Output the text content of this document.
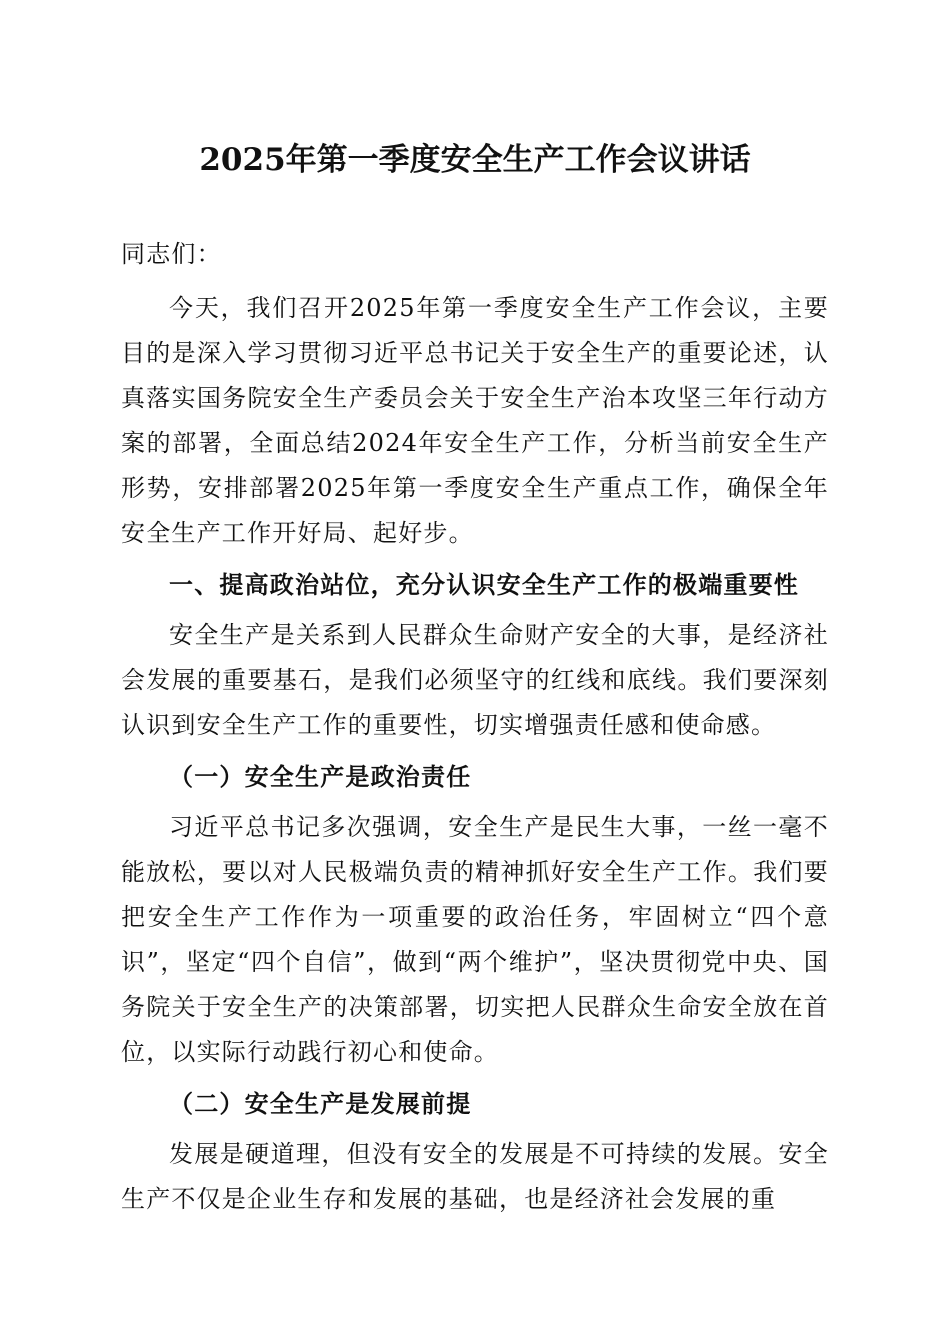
2025年第一季度安全生产工作会议讲话

同志们：

今天，我们召开2025年第一季度安全生产工作会议，主要目的是深入学习贯彻习近平总书记关于安全生产的重要论述，认真落实国务院安全生产委员会关于安全生产治本攻坚三年行动方案的部署，全面总结2024年安全生产工作，分析当前安全生产形势，安排部署2025年第一季度安全生产重点工作，确保全年安全生产工作开好局、起好步。

一、提高政治站位，充分认识安全生产工作的极端重要性

安全生产是关系到人民群众生命财产安全的大事，是经济社会发展的重要基石，是我们必须坚守的红线和底线。我们要深刻认识到安全生产工作的重要性，切实增强责任感和使命感。

（一）安全生产是政治责任

习近平总书记多次强调，安全生产是民生大事，一丝一毫不能放松，要以对人民极端负责的精神抓好安全生产工作。我们要把安全生产工作作为一项重要的政治任务，牢固树立“四个意识”，坚定“四个自信”，做到“两个维护”，坚决贯彻党中央、国务院关于安全生产的决策部署，切实把人民群众生命安全放在首位，以实际行动践行初心和使命。

（二）安全生产是发展前提

发展是硬道理，但没有安全的发展是不可持续的发展。安全生产不仅是企业生存和发展的基础，也是经济社会发展的重
